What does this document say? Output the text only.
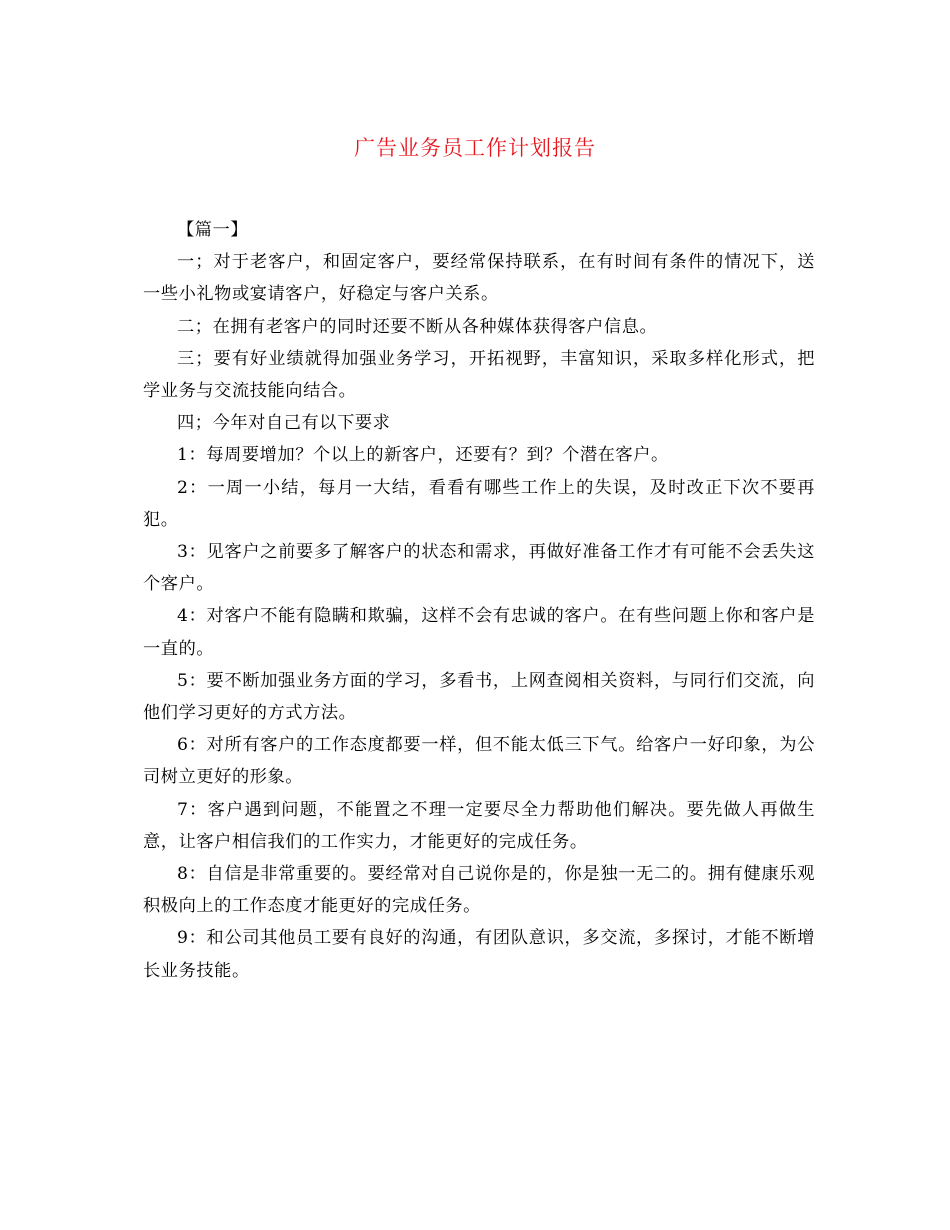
广告业务员工作计划报告

【篇一】

一；对于老客户，和固定客户，要经常保持联系，在有时间有条件的情况下，送一些小礼物或宴请客户，好稳定与客户关系。

二；在拥有老客户的同时还要不断从各种媒体获得客户信息。

三；要有好业绩就得加强业务学习，开拓视野，丰富知识，采取多样化形式，把学业务与交流技能向结合。

四；今年对自己有以下要求

1：每周要增加？个以上的新客户，还要有？到？个潜在客户。

2：一周一小结，每月一大结，看看有哪些工作上的失误，及时改正下次不要再犯。

3：见客户之前要多了解客户的状态和需求，再做好准备工作才有可能不会丢失这个客户。

4：对客户不能有隐瞒和欺骗，这样不会有忠诚的客户。在有些问题上你和客户是一直的。

5：要不断加强业务方面的学习，多看书，上网查阅相关资料，与同行们交流，向他们学习更好的方式方法。

6：对所有客户的工作态度都要一样，但不能太低三下气。给客户一好印象，为公司树立更好的形象。

7：客户遇到问题，不能置之不理一定要尽全力帮助他们解决。要先做人再做生意，让客户相信我们的工作实力，才能更好的完成任务。

8：自信是非常重要的。要经常对自己说你是的，你是独一无二的。拥有健康乐观积极向上的工作态度才能更好的完成任务。

9：和公司其他员工要有良好的沟通，有团队意识，多交流，多探讨，才能不断增长业务技能。
